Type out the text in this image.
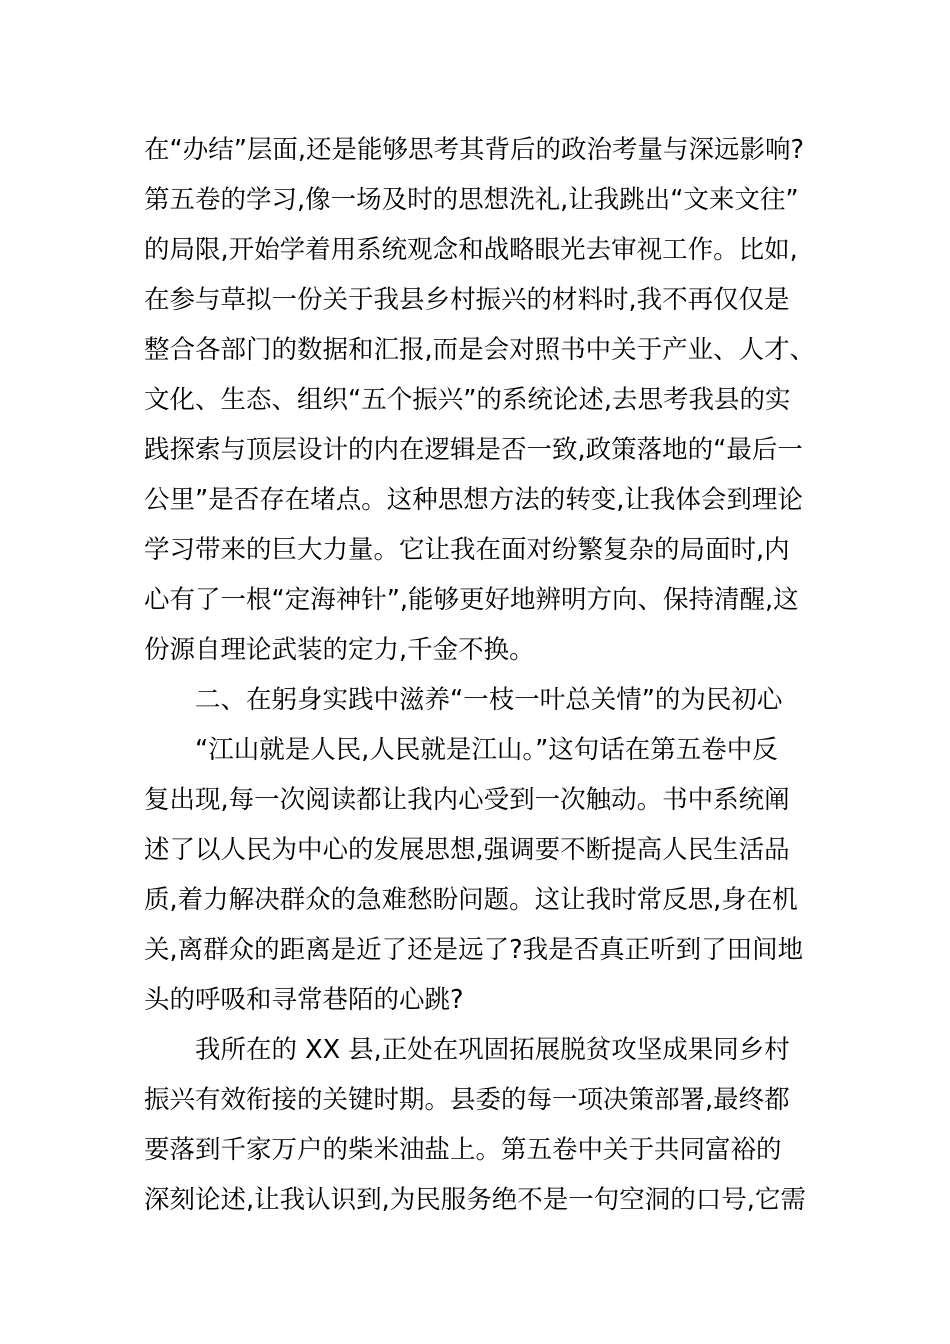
在“办结”层面,还是能够思考其背后的政治考量与深远影响?
第五卷的学习,像一场及时的思想洗礼,让我跳出“文来文往”
的局限,开始学着用系统观念和战略眼光去审视工作。比如,
在参与草拟一份关于我县乡村振兴的材料时,我不再仅仅是
整合各部门的数据和汇报,而是会对照书中关于产业、人才、
文化、生态、组织“五个振兴”的系统论述,去思考我县的实
践探索与顶层设计的内在逻辑是否一致,政策落地的“最后一
公里”是否存在堵点。这种思想方法的转变,让我体会到理论
学习带来的巨大力量。它让我在面对纷繁复杂的局面时,内
心有了一根“定海神针”,能够更好地辨明方向、保持清醒,这
份源自理论武装的定力,千金不换。
二、在躬身实践中滋养“一枝一叶总关情”的为民初心
“江山就是人民,人民就是江山。”这句话在第五卷中反
复出现,每一次阅读都让我内心受到一次触动。书中系统阐
述了以人民为中心的发展思想,强调要不断提高人民生活品
质,着力解决群众的急难愁盼问题。这让我时常反思,身在机
关,离群众的距离是近了还是远了?我是否真正听到了田间地
头的呼吸和寻常巷陌的心跳?
我所在的 XX 县,正处在巩固拓展脱贫攻坚成果同乡村
振兴有效衔接的关键时期。县委的每一项决策部署,最终都
要落到千家万户的柴米油盐上。第五卷中关于共同富裕的
深刻论述,让我认识到,为民服务绝不是一句空洞的口号,它需
